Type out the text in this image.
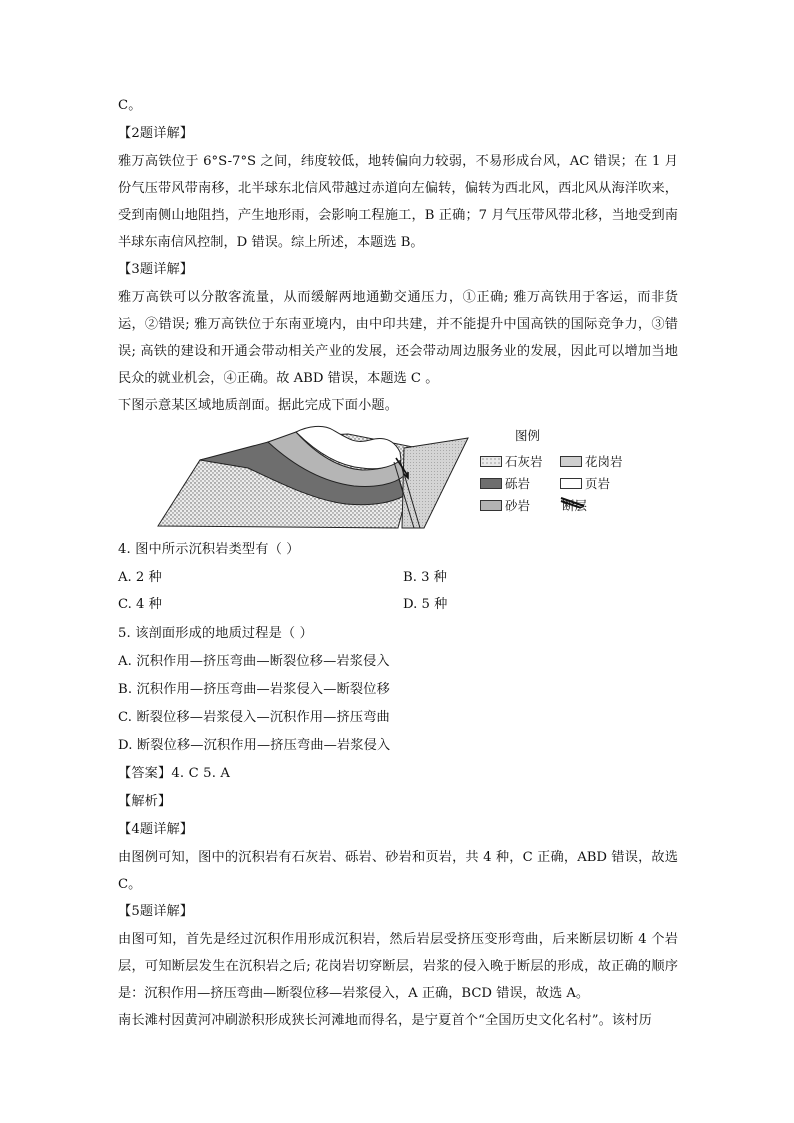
C。
【2题详解】
雅万高铁位于 6°S-7°S 之间，纬度较低，地转偏向力较弱，不易形成台风，AC 错误；在 1 月份气压带风带南移，北半球东北信风带越过赤道向左偏转，偏转为西北风，西北风从海洋吹来，受到南侧山地阻挡，产生地形雨，会影响工程施工，B 正确；7 月气压带风带北移，当地受到南半球东南信风控制，D 错误。综上所述，本题选 B。
【3题详解】
雅万高铁可以分散客流量，从而缓解两地通勤交通压力，①正确; 雅万高铁用于客运，而非货运，②错误; 雅万高铁位于东南亚境内，由中印共建，并不能提升中国高铁的国际竞争力，③错误; 高铁的建设和开通会带动相关产业的发展，还会带动周边服务业的发展，因此可以增加当地民众的就业机会，④正确。故 ABD 错误，本题选 C 。
下图示意某区域地质剖面。据此完成下面小题。
图例
石灰岩	花岗岩
砾岩	页岩
砂岩	断层
4. 图中所示沉积岩类型有（ ）
A. 2 种	B. 3 种
C. 4 种	D. 5 种
5. 该剖面形成的地质过程是（ ）
A. 沉积作用—挤压弯曲—断裂位移—岩浆侵入
B. 沉积作用—挤压弯曲—岩浆侵入—断裂位移
C. 断裂位移—岩浆侵入—沉积作用—挤压弯曲
D. 断裂位移—沉积作用—挤压弯曲—岩浆侵入
【答案】4. C 5. A
【解析】
【4题详解】
由图例可知，图中的沉积岩有石灰岩、砾岩、砂岩和页岩，共 4 种，C 正确，ABD 错误，故选 C。
【5题详解】
由图可知，首先是经过沉积作用形成沉积岩，然后岩层受挤压变形弯曲，后来断层切断 4 个岩层，可知断层发生在沉积岩之后; 花岗岩切穿断层，岩浆的侵入晚于断层的形成，故正确的顺序是：沉积作用—挤压弯曲—断裂位移—岩浆侵入，A 正确，BCD 错误，故选 A。
南长滩村因黄河冲刷淤积形成狭长河滩地而得名，是宁夏首个“全国历史文化名村”。该村历
